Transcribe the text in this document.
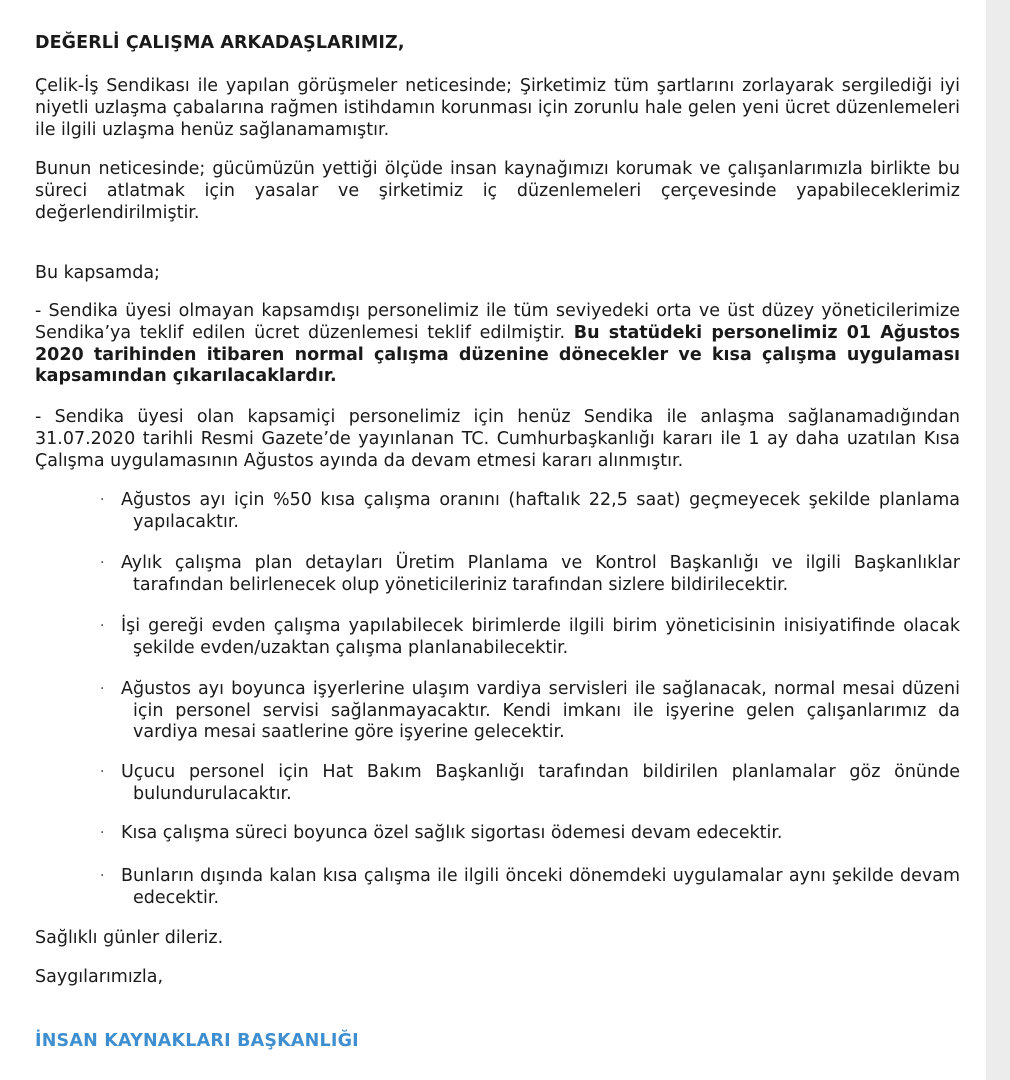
DEĞERLİ ÇALIŞMA ARKADAŞLARIMIZ,
Çelik-İş Sendikası ile yapılan görüşmeler neticesinde; Şirketimiz tüm şartlarını zorlayarak sergilediği iyi niyetli uzlaşma çabalarına rağmen istihdamın korunması için zorunlu hale gelen yeni ücret düzenlemeleri ile ilgili uzlaşma henüz sağlanamamıştır.
Bunun neticesinde; gücümüzün yettiği ölçüde insan kaynağımızı korumak ve çalışanlarımızla birlikte bu süreci atlatmak için yasalar ve şirketimiz iç düzenlemeleri çerçevesinde yapabileceklerimiz değerlendirilmiştir.
Bu kapsamda;
- Sendika üyesi olmayan kapsamdışı personelimiz ile tüm seviyedeki orta ve üst düzey yöneticilerimize Sendika’ya teklif edilen ücret düzenlemesi teklif edilmiştir. Bu statüdeki personelimiz 01 Ağustos 2020 tarihinden itibaren normal çalışma düzenine dönecekler ve kısa çalışma uygulaması kapsamından çıkarılacaklardır.
- Sendika üyesi olan kapsamiçi personelimiz için henüz Sendika ile anlaşma sağlanamadığından 31.07.2020 tarihli Resmi Gazete’de yayınlanan TC. Cumhurbaşkanlığı kararı ile 1 ay daha uzatılan Kısa Çalışma uygulamasının Ağustos ayında da devam etmesi kararı alınmıştır.
· Ağustos ayı için %50 kısa çalışma oranını (haftalık 22,5 saat) geçmeyecek şekilde planlama yapılacaktır.
· Aylık çalışma plan detayları Üretim Planlama ve Kontrol Başkanlığı ve ilgili Başkanlıklar tarafından belirlenecek olup yöneticileriniz tarafından sizlere bildirilecektir.
· İşi gereği evden çalışma yapılabilecek birimlerde ilgili birim yöneticisinin inisiyatifinde olacak şekilde evden/uzaktan çalışma planlanabilecektir.
· Ağustos ayı boyunca işyerlerine ulaşım vardiya servisleri ile sağlanacak, normal mesai düzeni için personel servisi sağlanmayacaktır. Kendi imkanı ile işyerine gelen çalışanlarımız da vardiya mesai saatlerine göre işyerine gelecektir.
· Uçucu personel için Hat Bakım Başkanlığı tarafından bildirilen planlamalar göz önünde bulundurulacaktır.
· Kısa çalışma süreci boyunca özel sağlık sigortası ödemesi devam edecektir.
· Bunların dışında kalan kısa çalışma ile ilgili önceki dönemdeki uygulamalar aynı şekilde devam edecektir.
Sağlıklı günler dileriz.
Saygılarımızla,
İNSAN KAYNAKLARI BAŞKANLIĞI
